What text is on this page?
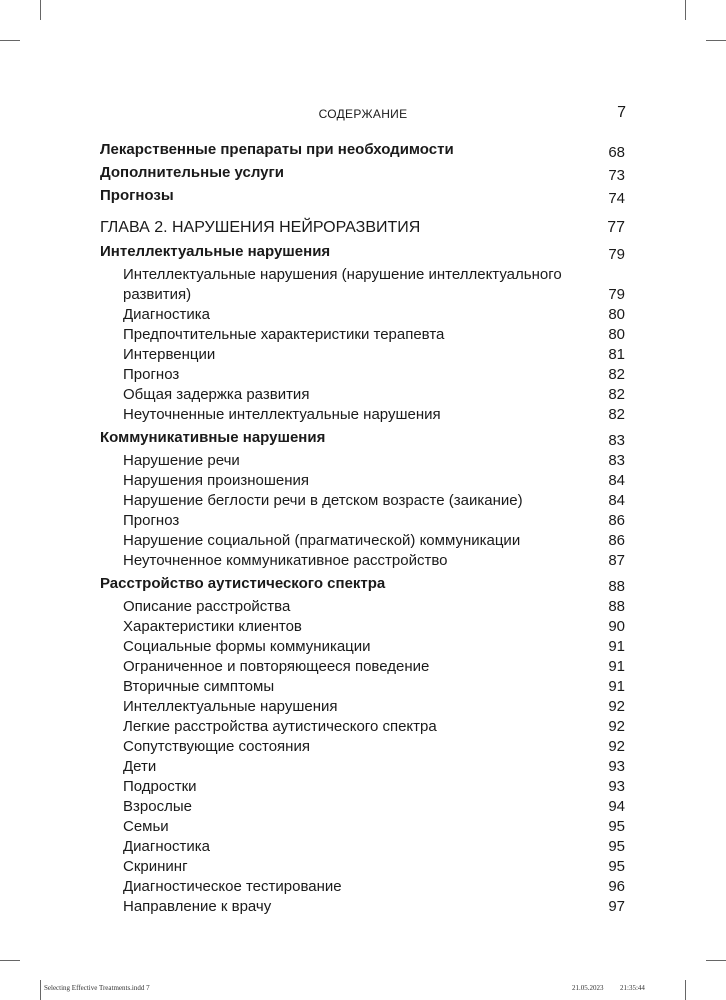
СОДЕРЖАНИЕ	7
Лекарственные препараты при необходимости	68
Дополнительные услуги	73
Прогнозы	74
ГЛАВА 2. НАРУШЕНИЯ НЕЙРОРАЗВИТИЯ	77
Интеллектуальные нарушения	79
Интеллектуальные нарушения (нарушение интеллектуального развития)	79
Диагностика	80
Предпочтительные характеристики терапевта	80
Интервенции	81
Прогноз	82
Общая задержка развития	82
Неуточненные интеллектуальные нарушения	82
Коммуникативные нарушения	83
Нарушение речи	83
Нарушения произношения	84
Нарушение беглости речи в детском возрасте (заикание)	84
Прогноз	86
Нарушение социальной (прагматической) коммуникации	86
Неуточненное коммуникативное расстройство	87
Расстройство аутистического спектра	88
Описание расстройства	88
Характеристики клиентов	90
Социальные формы коммуникации	91
Ограниченное и повторяющееся поведение	91
Вторичные симптомы	91
Интеллектуальные нарушения	92
Легкие расстройства аутистического спектра	92
Сопутствующие состояния	92
Дети	93
Подростки	93
Взрослые	94
Семьи	95
Диагностика	95
Скрининг	95
Диагностическое тестирование	96
Направление к врачу	97
Selecting Effective Treatments.indd 7	21.05.2023 21:35:44
